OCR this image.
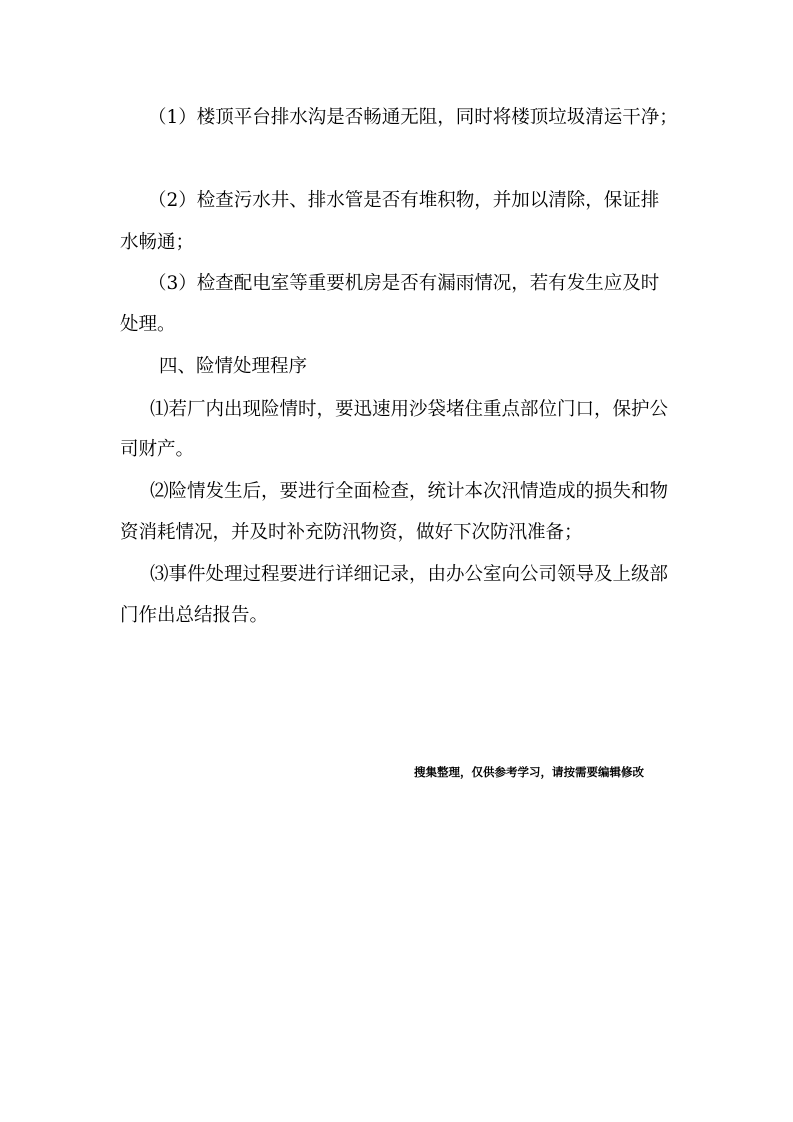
（1）楼顶平台排水沟是否畅通无阻，同时将楼顶垃圾清运干净；
（2）检查污水井、排水管是否有堆积物，并加以清除，保证排
水畅通；
（3）检查配电室等重要机房是否有漏雨情况，若有发生应及时
处理。
四、险情处理程序
⑴若厂内出现险情时，要迅速用沙袋堵住重点部位门口，保护公
司财产。
⑵险情发生后，要进行全面检查，统计本次汛情造成的损失和物
资消耗情况，并及时补充防汛物资，做好下次防汛准备；
⑶事件处理过程要进行详细记录，由办公室向公司领导及上级部
门作出总结报告。
搜集整理，仅供参考学习，请按需要编辑修改
